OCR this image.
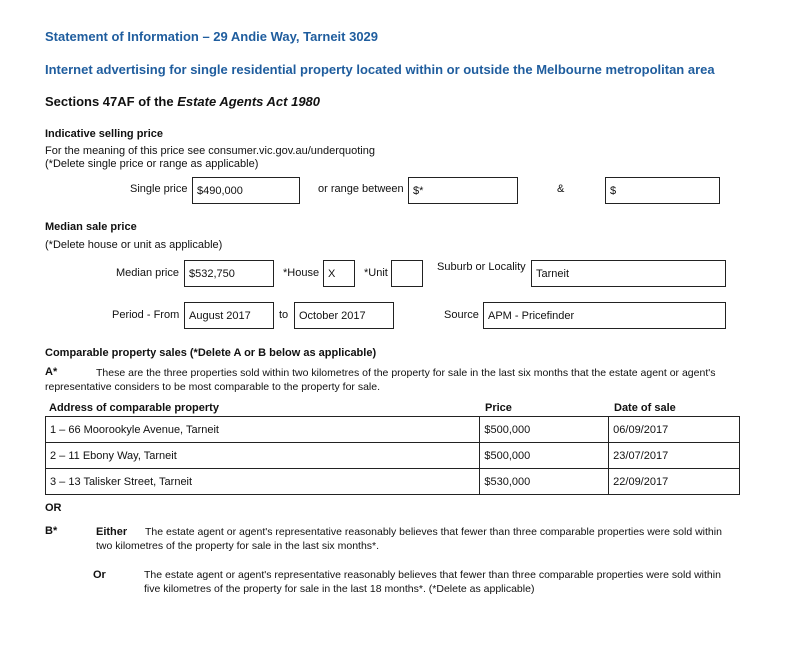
Statement of Information – 29 Andie Way, Tarneit 3029
Internet advertising for single residential property located within or outside the Melbourne metropolitan area
Sections 47AF of the Estate Agents Act 1980
Indicative selling price
For the meaning of this price see consumer.vic.gov.au/underquoting
(*Delete single price or range as applicable)
Single price $490,000	or range between $*	&	$
Median sale price
(*Delete house or unit as applicable)
Median price $532,750	*House X	*Unit	Suburb or Locality
Tarneit
Period - From August 2017	to October 2017	Source APM - Pricefinder
Comparable property sales (*Delete A or B below as applicable)
A*	These are the three properties sold within two kilometres of the property for sale in the last six months that the estate agent or agent's
representative considers to be most comparable to the property for sale.
Address of comparable property	Price	Date of sale
1 – 66 Moorookyle Avenue, Tarneit	$500,000	06/09/2017
2 – 11 Ebony Way, Tarneit	$500,000	23/07/2017
3 – 13 Talisker Street, Tarneit	$530,000	22/09/2017
OR
B*	Either The estate agent or agent's representative reasonably believes that fewer than three comparable properties were sold within
two kilometres of the property for sale in the last six months*.
Or	The estate agent or agent's representative reasonably believes that fewer than three comparable properties were sold within
five kilometres of the property for sale in the last 18 months*. (*Delete as applicable)
